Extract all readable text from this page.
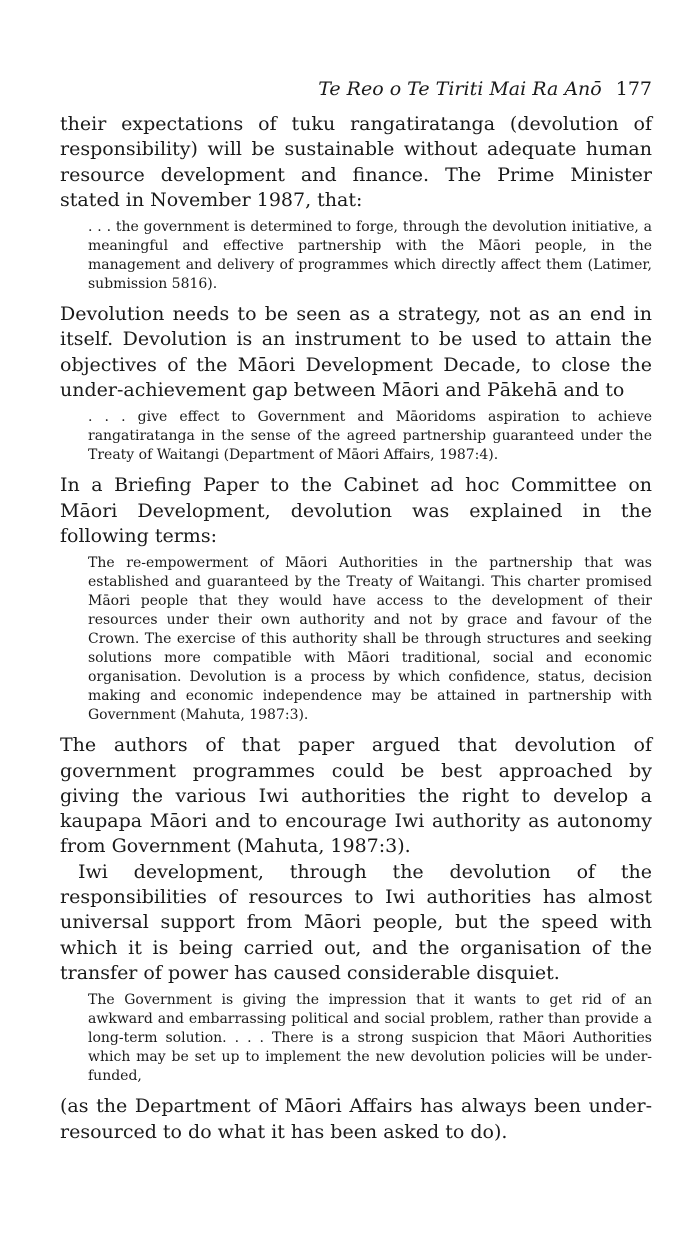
Te Reo o Te Tiriti Mai Ra Anō 177

their expectations of tuku rangatiratanga (devolution of responsibility) will be sustainable without adequate human resource development and finance. The Prime Minister stated in November 1987, that:

. . . the government is determined to forge, through the devolution initiative, a meaningful and effective partnership with the Māori people, in the management and delivery of programmes which directly affect them (Latimer, submission 5816).

Devolution needs to be seen as a strategy, not as an end in itself. Devolution is an instrument to be used to attain the objectives of the Māori Development Decade, to close the under-achievement gap between Māori and Pākehā and to

. . . give effect to Government and Māoridoms aspiration to achieve rangatiratanga in the sense of the agreed partnership guaranteed under the Treaty of Waitangi (Department of Māori Affairs, 1987:4).

In a Briefing Paper to the Cabinet ad hoc Committee on Māori Development, devolution was explained in the following terms:

The re-empowerment of Māori Authorities in the partnership that was established and guaranteed by the Treaty of Waitangi. This charter promised Māori people that they would have access to the development of their resources under their own authority and not by grace and favour of the Crown. The exercise of this authority shall be through structures and seeking solutions more compatible with Māori traditional, social and economic organisation. Devolution is a process by which confidence, status, decision making and economic independence may be attained in partnership with Government (Mahuta, 1987:3).

The authors of that paper argued that devolution of government programmes could be best approached by giving the various Iwi authorities the right to develop a kaupapa Māori and to encourage Iwi authority as autonomy from Government (Mahuta, 1987:3).

Iwi development, through the devolution of the responsibilities of resources to Iwi authorities has almost universal support from Māori people, but the speed with which it is being carried out, and the organisation of the transfer of power has caused considerable disquiet.

The Government is giving the impression that it wants to get rid of an awkward and embarrassing political and social problem, rather than provide a long-term solution. . . . There is a strong suspicion that Māori Authorities which may be set up to implement the new devolution policies will be under-funded,

(as the Department of Māori Affairs has always been under-resourced to do what it has been asked to do).
